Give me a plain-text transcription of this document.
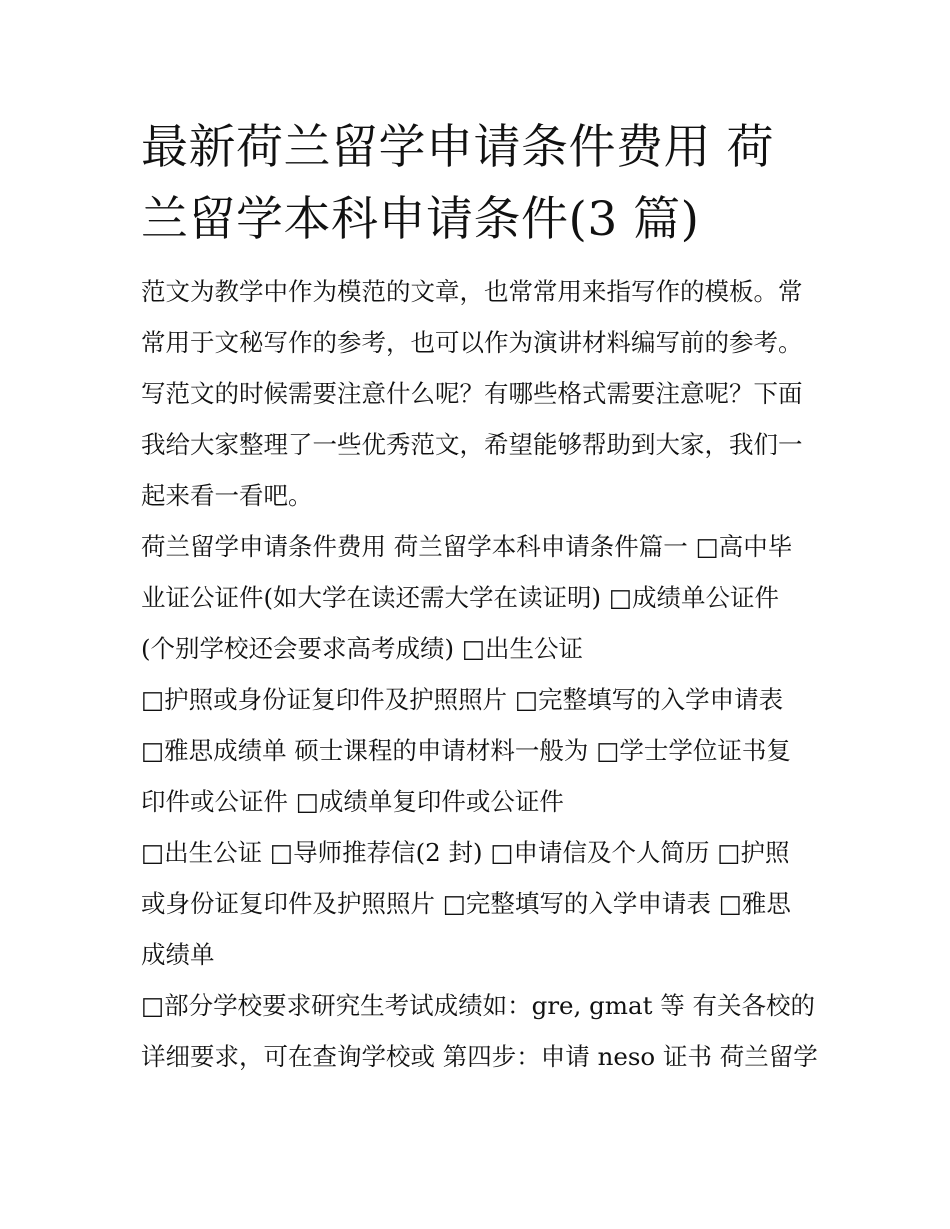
最新荷兰留学申请条件费用 荷
兰留学本科申请条件(3 篇)

范文为教学中作为模范的文章，也常常用来指写作的模板。常
常用于文秘写作的参考，也可以作为演讲材料编写前的参考。
写范文的时候需要注意什么呢？有哪些格式需要注意呢？下面
我给大家整理了一些优秀范文，希望能够帮助到大家，我们一
起来看一看吧。

荷兰留学申请条件费用 荷兰留学本科申请条件篇一 □高中毕
业证公证件(如大学在读还需大学在读证明) □成绩单公证件
(个别学校还会要求高考成绩) □出生公证

□护照或身份证复印件及护照照片 □完整填写的入学申请表
□雅思成绩单 硕士课程的申请材料一般为 □学士学位证书复
印件或公证件 □成绩单复印件或公证件

□出生公证 □导师推荐信(2 封) □申请信及个人简历 □护照
或身份证复印件及护照照片 □完整填写的入学申请表 □雅思
成绩单

□部分学校要求研究生考试成绩如：gre, gmat 等 有关各校的
详细要求，可在查询学校或 第四步：申请 neso 证书 荷兰留学
